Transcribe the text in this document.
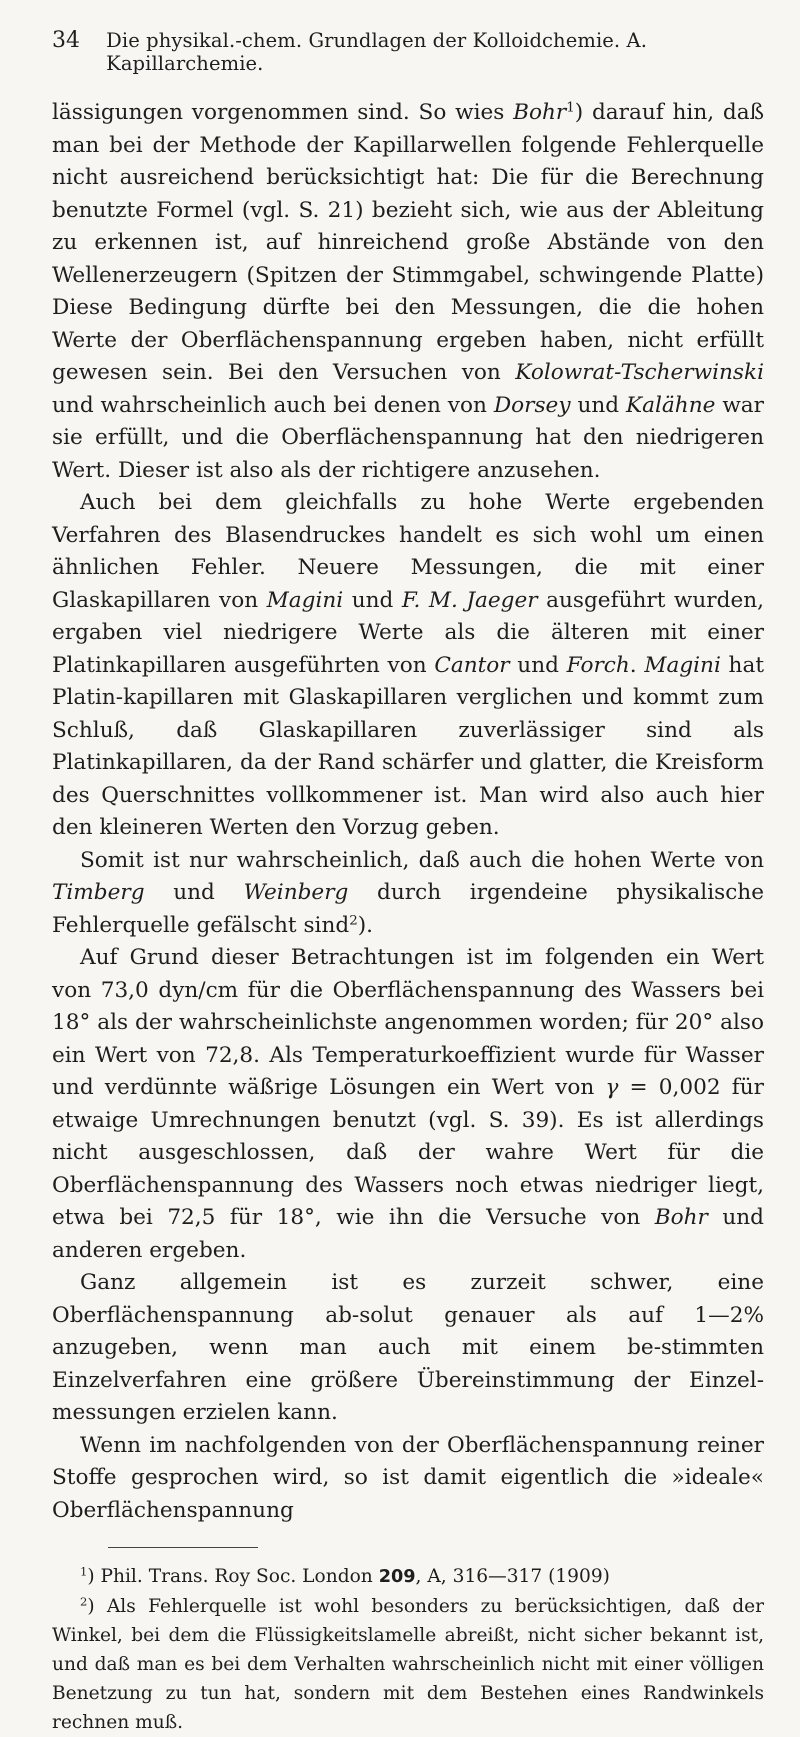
34	Die physikal.-chem. Grundlagen der Kolloidchemie. A. Kapillarchemie.

lässigungen vorgenommen sind. So wies Bohr$^1$) darauf hin, daß man bei der Methode der Kapillarwellen folgende Fehlerquelle nicht ausreichend berücksichtigt hat: Die für die Berechnung benutzte Formel (vgl. S. 21) bezieht sich, wie aus der Ableitung zu erkennen ist, auf hinreichend große Abstände von den Wellenerzeugern (Spitzen der Stimmgabel, schwingende Platte) Diese Bedingung dürfte bei den Messungen, die die hohen Werte der Oberflächenspannung ergeben haben, nicht erfüllt gewesen sein. Bei den Versuchen von Kolowrat-Tscherwinski und wahrscheinlich auch bei denen von Dorsey und Kalähne war sie erfüllt, und die Oberflächenspannung hat den niedrigeren Wert. Dieser ist also als der richtigere anzusehen.

Auch bei dem gleichfalls zu hohe Werte ergebenden Verfahren des Blasendruckes handelt es sich wohl um einen ähnlichen Fehler. Neuere Messungen, die mit einer Glaskapillaren von Magini und F. M. Jaeger ausgeführt wurden, ergaben viel niedrigere Werte als die älteren mit einer Platinkapillaren ausgeführten von Cantor und Forch. Magini hat Platin-kapillaren mit Glaskapillaren verglichen und kommt zum Schluß, daß Glaskapillaren zuverlässiger sind als Platinkapillaren, da der Rand schärfer und glatter, die Kreisform des Querschnittes vollkommener ist. Man wird also auch hier den kleineren Werten den Vorzug geben.

Somit ist nur wahrscheinlich, daß auch die hohen Werte von Timberg und Weinberg durch irgendeine physikalische Fehlerquelle gefälscht sind$^2$).

Auf Grund dieser Betrachtungen ist im folgenden ein Wert von 73,0 dyn/cm für die Oberflächenspannung des Wassers bei 18° als der wahrscheinlichste angenommen worden; für 20° also ein Wert von 72,8. Als Temperaturkoeffizient wurde für Wasser und verdünnte wäßrige Lösungen ein Wert von γ = 0,002 für etwaige Umrechnungen benutzt (vgl. S. 39). Es ist allerdings nicht ausgeschlossen, daß der wahre Wert für die Oberflächenspannung des Wassers noch etwas niedriger liegt, etwa bei 72,5 für 18°, wie ihn die Versuche von Bohr und anderen ergeben.

Ganz allgemein ist es zurzeit schwer, eine Oberflächenspannung ab-solut genauer als auf 1—2% anzugeben, wenn man auch mit einem be-stimmten Einzelverfahren eine größere Übereinstimmung der Einzel-messungen erzielen kann.

Wenn im nachfolgenden von der Oberflächenspannung reiner Stoffe gesprochen wird, so ist damit eigentlich die »ideale« Oberflächenspannung

$^1$) Phil. Trans. Roy Soc. London 209, A, 316—317 (1909)

$^2$) Als Fehlerquelle ist wohl besonders zu berücksichtigen, daß der Winkel, bei dem die Flüssigkeitslamelle abreißt, nicht sicher bekannt ist, und daß man es bei dem Verhalten wahrscheinlich nicht mit einer völligen Benetzung zu tun hat, sondern mit dem Bestehen eines Randwinkels rechnen muß.
